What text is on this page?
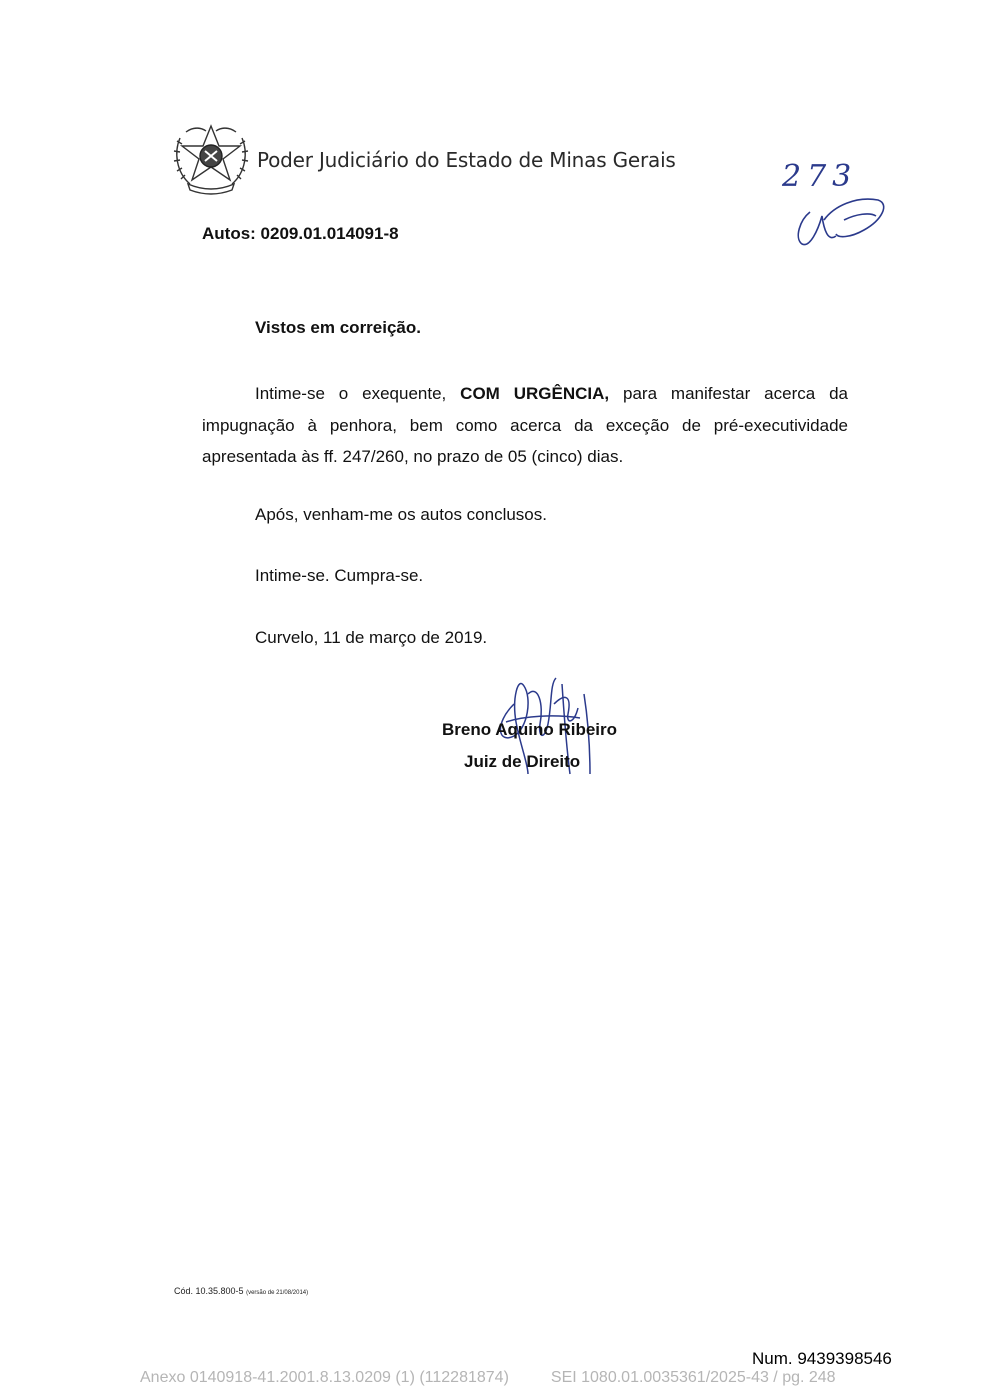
Poder Judiciário do Estado de Minas Gerais
Autos: 0209.01.014091-8
273
Vistos em correição.
Intime-se o exequente, COM URGÊNCIA, para manifestar acerca da impugnação à penhora, bem como acerca da exceção de pré-executividade apresentada às ff. 247/260, no prazo de 05 (cinco) dias.
Após, venham-me os autos conclusos.
Intime-se. Cumpra-se.
Curvelo, 11 de março de 2019.
Breno Aquino Ribeiro
Juiz de Direito
Cód. 10.35.800-5 (versão de 21/08/2014)
Num. 9439398546
Anexo 0140918-41.2001.8.13.0209 (1) (112281874)	SEI 1080.01.0035361/2025-43 / pg. 248
